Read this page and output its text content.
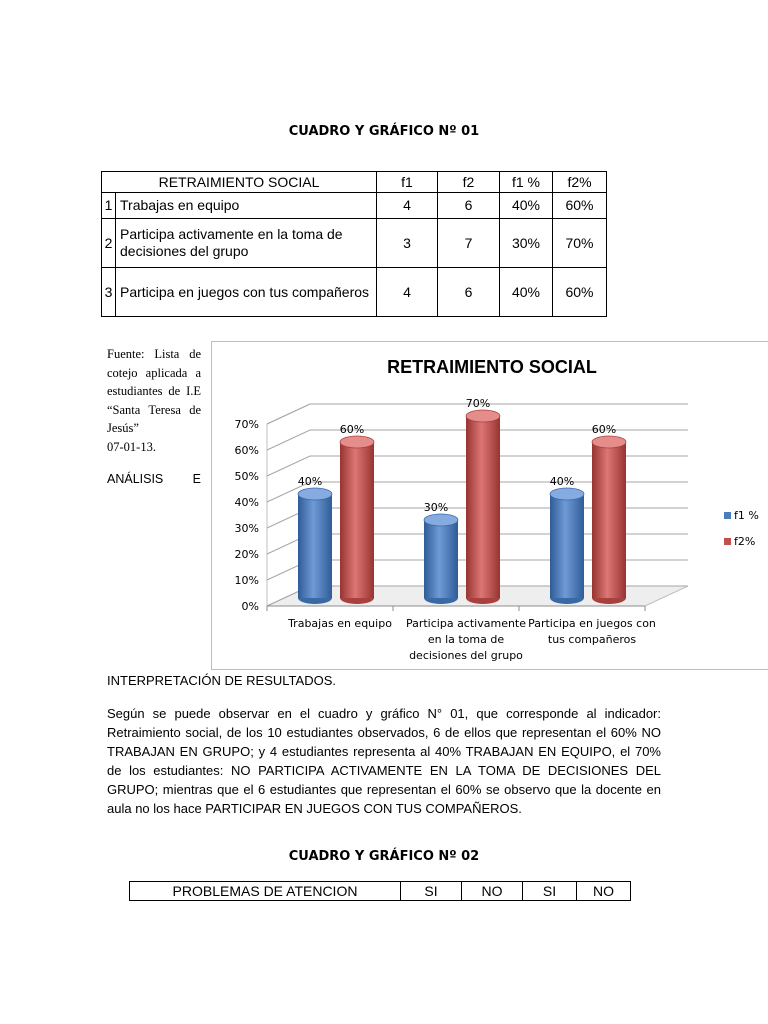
CUADRO Y GRÁFICO Nº 01
RETRAIMIENTO SOCIAL		f1	f2	f1 %	f2%
1	Trabajas en equipo	4	6	40%	60%
2	Participa activamente en la toma de decisiones del grupo	3	7	30%	70%
3	Participa en juegos con tus compañeros	4	6	40%	60%
Fuente: Lista de cotejo aplicada a estudiantes de I.E “Santa Teresa de Jesús”
07-01-13.
ANÁLISIS E
0%
10%
20%
30%
40%
50%
60%
70%
40%
60%
Trabajas en equipo
30%
70%
Participa activamente
en la toma de
decisiones del grupo
40%
60%
Participa en juegos con
tus compañeros
RETRAIMIENTO SOCIAL
f1 %
f2%
INTERPRETACIÓN DE RESULTADOS.
Según se puede observar en el cuadro y gráfico N° 01, que corresponde al indicador: Retraimiento social, de los 10 estudiantes observados, 6 de ellos que representan el 60% NO TRABAJAN EN GRUPO; y 4 estudiantes representa al 40% TRABAJAN EN EQUIPO, el 70% de los estudiantes: NO PARTICIPA ACTIVAMENTE EN LA TOMA DE DECISIONES DEL GRUPO; mientras que el 6 estudiantes que representan el 60% se observo que la docente en aula no los hace PARTICIPAR EN JUEGOS CON TUS COMPAÑEROS.
CUADRO Y GRÁFICO Nº 02
PROBLEMAS DE ATENCION	SI	NO	SI	NO
